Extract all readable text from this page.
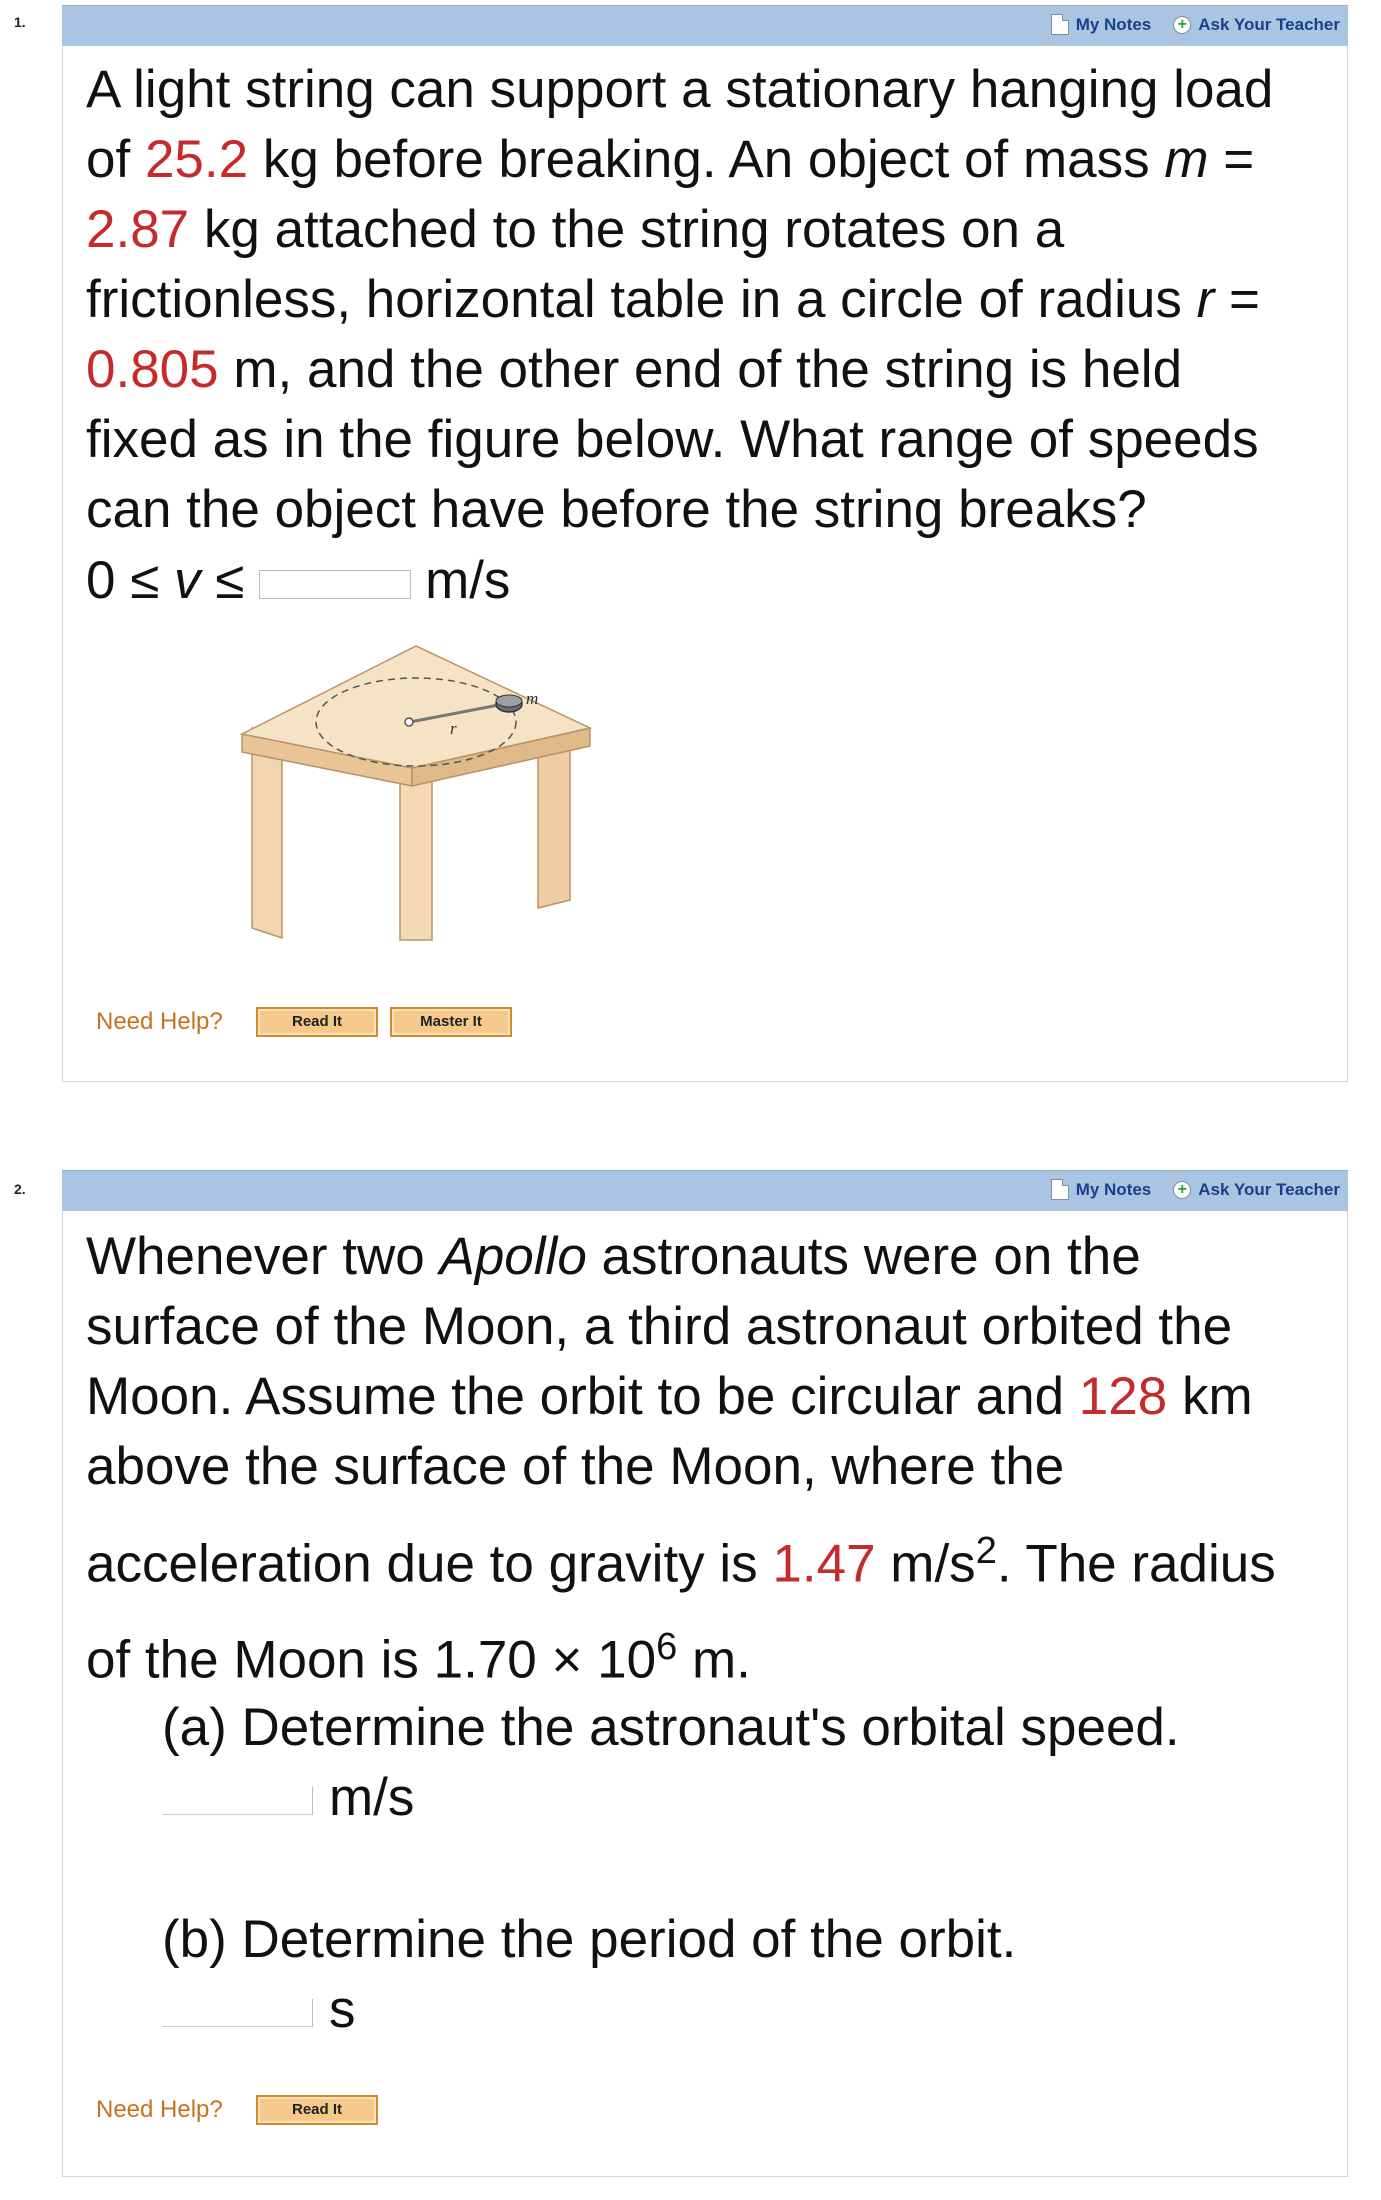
1.	My Notes + Ask Your Teacher
A light string can support a stationary hanging load
of 25.2 kg before breaking. An object of mass m =
2.87 kg attached to the string rotates on a
frictionless, horizontal table in a circle of radius r =
0.805 m, and the other end of the string is held
fixed as in the figure below. What range of speeds
can the object have before the string breaks?
0 ≤ v ≤	m/s
m
r
Need Help?	Read It	Master It
2.	My Notes + Ask Your Teacher
Whenever two Apollo astronauts were on the
surface of the Moon, a third astronaut orbited the
Moon. Assume the orbit to be circular and 128 km
above the surface of the Moon, where the
acceleration due to gravity is 1.47 $m/s^2$. The radius
of the Moon is $1.70 \times 10^6$ m.
(a) Determine the astronaut's orbital speed.
m/s
(b) Determine the period of the orbit.
s
Need Help?	Read It
